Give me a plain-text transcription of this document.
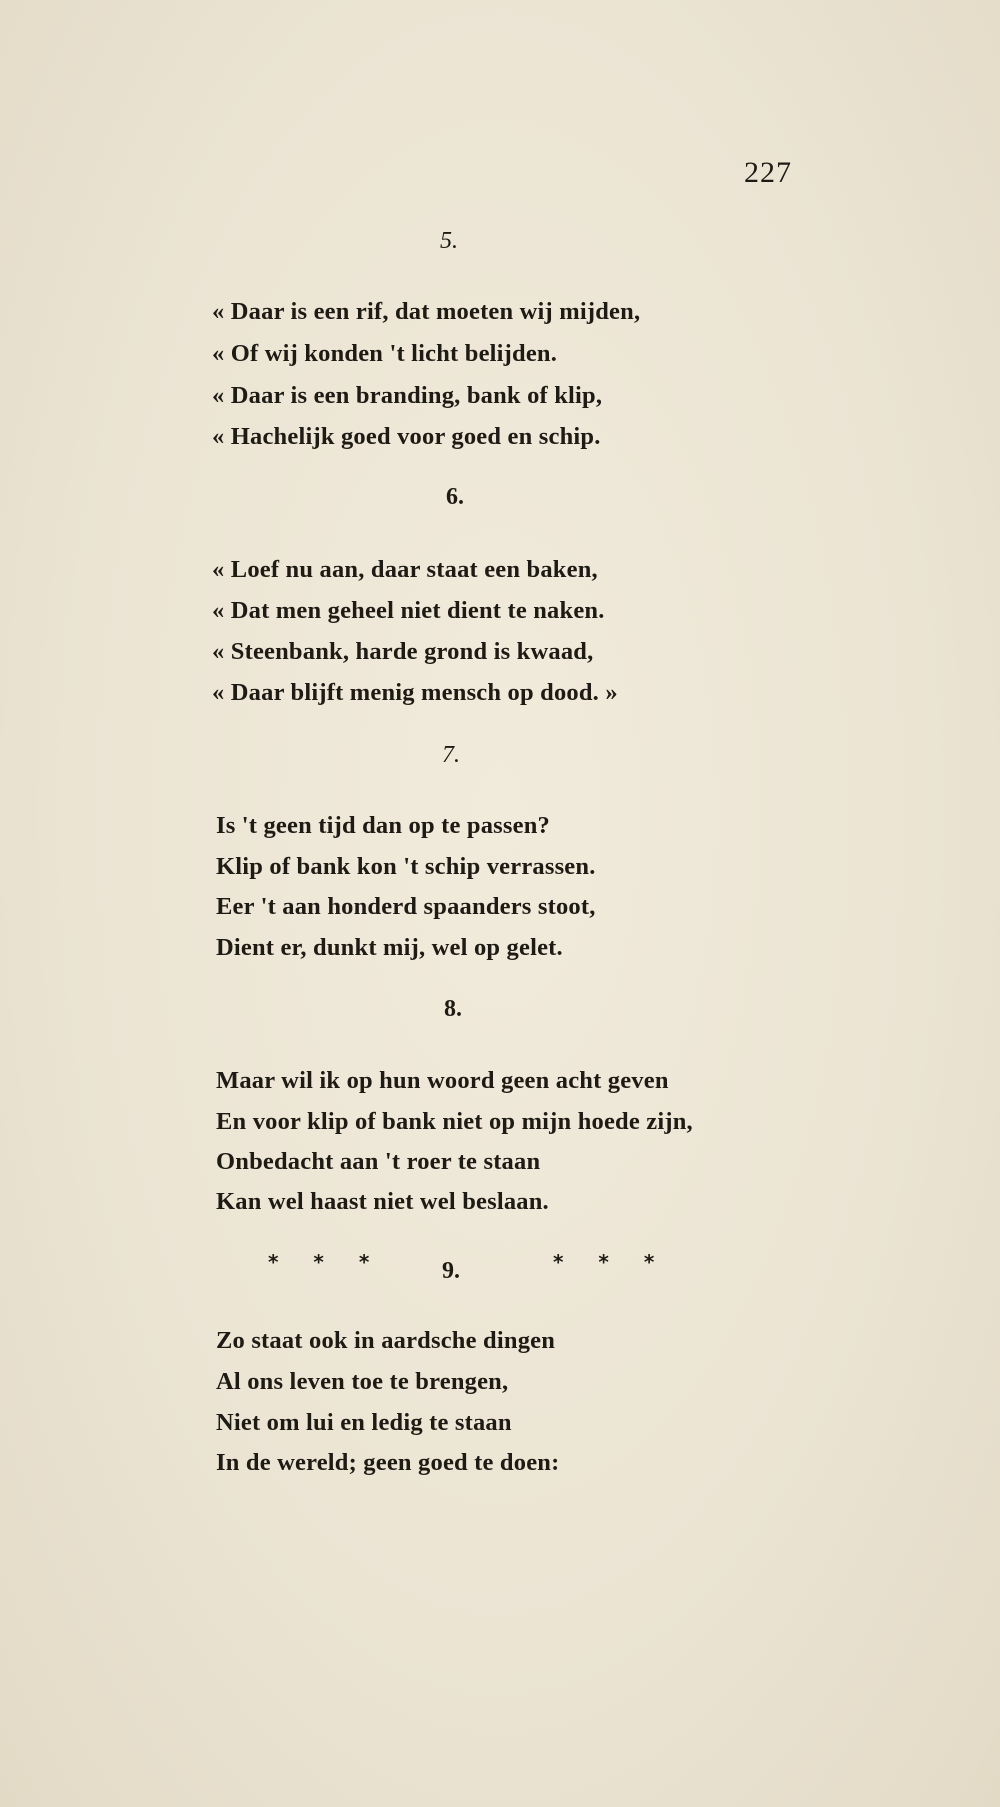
227
5.
« Daar is een rif, dat moeten wij mijden,
« Of wij konden 't licht belijden.
« Daar is een branding, bank of klip,
« Hachelijk goed voor goed en schip.
6.
« Loef nu aan, daar staat een baken,
« Dat men geheel niet dient te naken.
« Steenbank, harde grond is kwaad,
« Daar blijft menig mensch op dood. »
7.
Is 't geen tijd dan op te passen?
Klip of bank kon 't schip verrassen.
Eer 't aan honderd spaanders stoot,
Dient er, dunkt mij, wel op gelet.
8.
Maar wil ik op hun woord geen acht geven
En voor klip of bank niet op mijn hoede zijn,
Onbedacht aan 't roer te staan
Kan wel haast niet wel beslaan.
* * * 9.	* * *
Zo staat ook in aardsche dingen
Al ons leven toe te brengen,
Niet om lui en ledig te staan
In de wereld; geen goed te doen:
